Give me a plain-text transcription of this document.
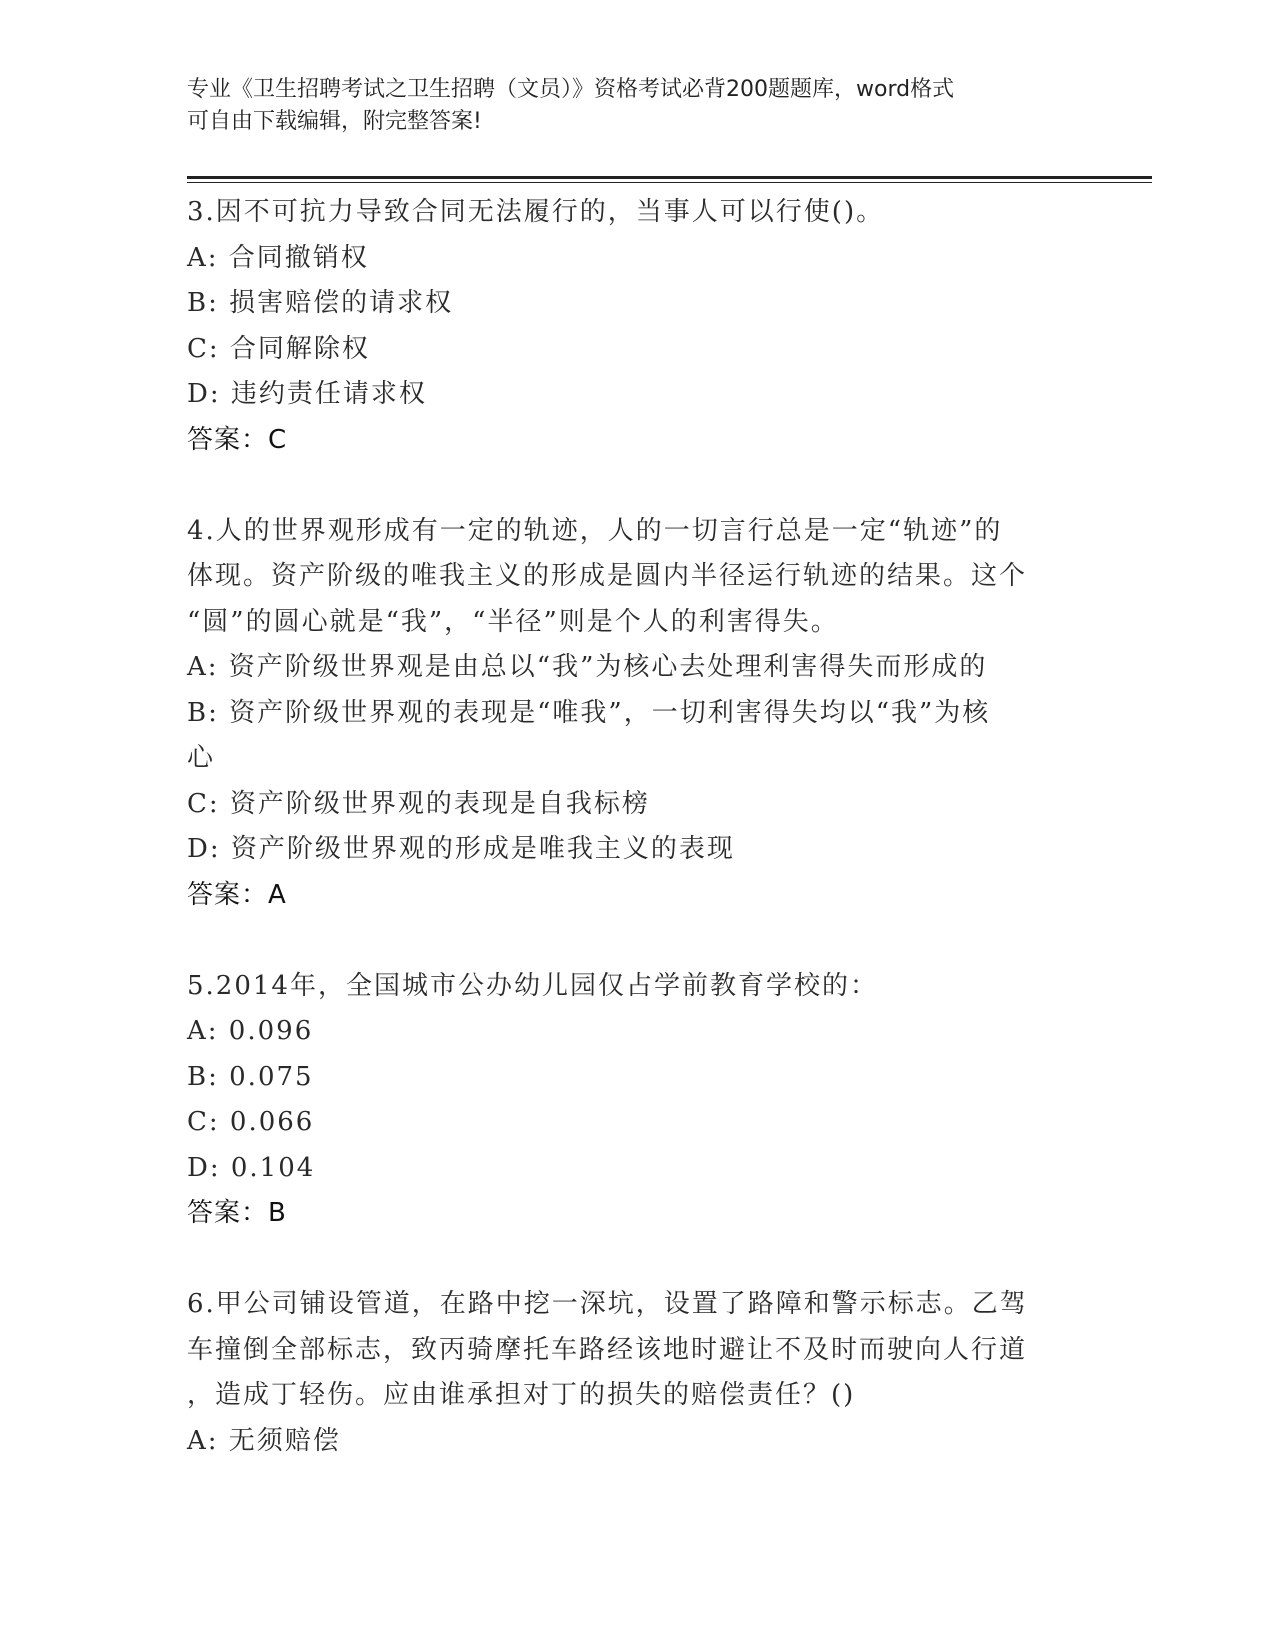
专业《卫生招聘考试之卫生招聘（文员）》资格考试必背200题题库，word格式
可自由下载编辑，附完整答案!
3.因不可抗力导致合同无法履行的，当事人可以行使()。
A: 合同撤销权
B: 损害赔偿的请求权
C: 合同解除权
D: 违约责任请求权
答案：C
4.人的世界观形成有一定的轨迹，人的一切言行总是一定“轨迹”的
体现。资产阶级的唯我主义的形成是圆内半径运行轨迹的结果。这个
“圆”的圆心就是“我”，“半径”则是个人的利害得失。
A: 资产阶级世界观是由总以“我”为核心去处理利害得失而形成的
B: 资产阶级世界观的表现是“唯我”，一切利害得失均以“我”为核
心
C: 资产阶级世界观的表现是自我标榜
D: 资产阶级世界观的形成是唯我主义的表现
答案：A
5.2014年，全国城市公办幼儿园仅占学前教育学校的：
A: 0.096
B: 0.075
C: 0.066
D: 0.104
答案：B
6.甲公司铺设管道，在路中挖一深坑，设置了路障和警示标志。乙驾
车撞倒全部标志，致丙骑摩托车路经该地时避让不及时而驶向人行道
，造成丁轻伤。应由谁承担对丁的损失的赔偿责任？()
A: 无须赔偿
